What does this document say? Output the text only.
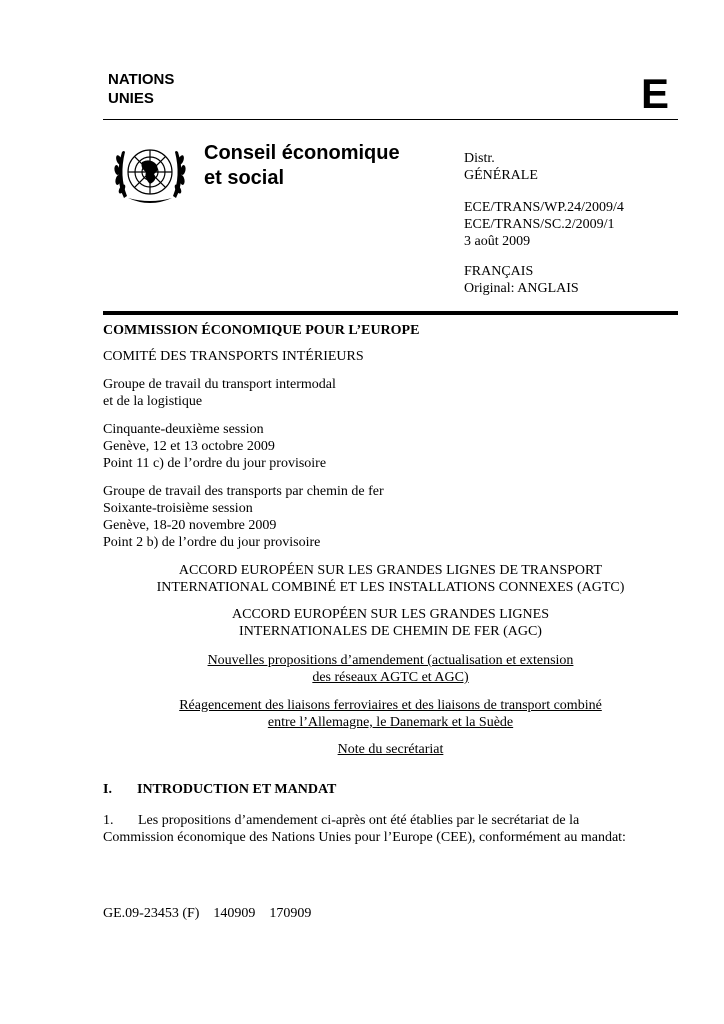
NATIONS
UNIES	E
Conseil économique
et social
Distr.
GÉNÉRALE
ECE/TRANS/WP.24/2009/4
ECE/TRANS/SC.2/2009/1
3 août 2009
FRANÇAIS
Original: ANGLAIS
COMMISSION ÉCONOMIQUE POUR L’EUROPE
COMITÉ DES TRANSPORTS INTÉRIEURS
Groupe de travail du transport intermodal
et de la logistique
Cinquante-deuxième session
Genève, 12 et 13 octobre 2009
Point 11 c) de l’ordre du jour provisoire
Groupe de travail des transports par chemin de fer
Soixante-troisième session
Genève, 18-20 novembre 2009
Point 2 b) de l’ordre du jour provisoire
ACCORD EUROPÉEN SUR LES GRANDES LIGNES DE TRANSPORT
INTERNATIONAL COMBINÉ ET LES INSTALLATIONS CONNEXES (AGTC)
ACCORD EUROPÉEN SUR LES GRANDES LIGNES
INTERNATIONALES DE CHEMIN DE FER (AGC)
Nouvelles propositions d’amendement (actualisation et extension
des réseaux AGTC et AGC)
Réagencement des liaisons ferroviaires et des liaisons de transport combiné
entre l’Allemagne, le Danemark et la Suède
Note du secrétariat
I. INTRODUCTION ET MANDAT
1.	Les propositions d’amendement ci-après ont été établies par le secrétariat de la
Commission économique des Nations Unies pour l’Europe (CEE), conformément au mandat:
GE.09-23453 (F)    140909    170909
